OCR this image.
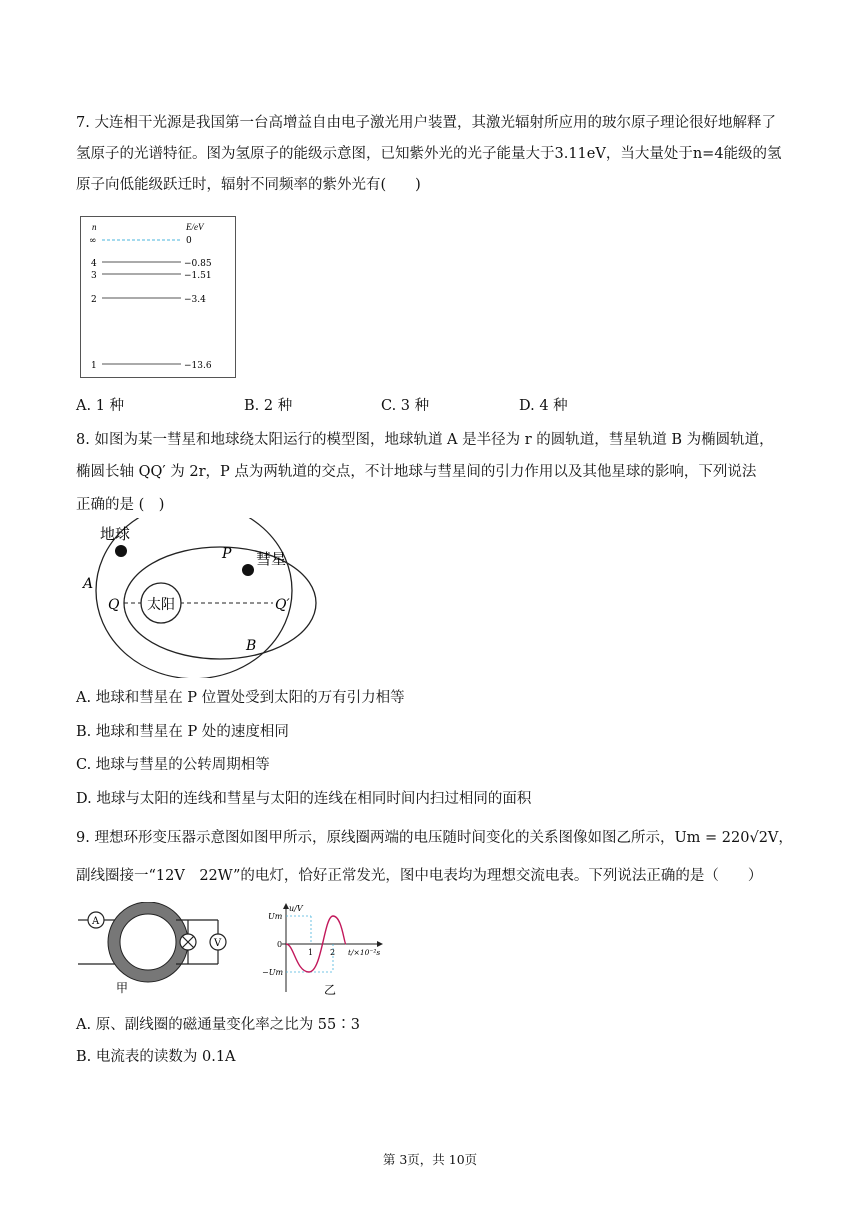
7. 大连相干光源是我国第一台高增益自由电子激光用户装置，其激光辐射所应用的玻尔原子理论很好地解释了氢原子的光谱特征。图为氢原子的能级示意图，已知紫外光的光子能量大于3.11eV，当大量处于n=4能级的氢原子向低能级跃迁时，辐射不同频率的紫外光有(　　)
n	E/eV
∞	0
4	−0.85
3	−1.51
2	−3.4
1	−13.6
A. 1 种	B. 2 种	C. 3 种	D. 4 种
8. 如图为某一彗星和地球绕太阳运行的模型图，地球轨道 A 是半径为 r 的圆轨道，彗星轨道 B 为椭圆轨道，
椭圆长轴 QQ′ 为 2r，P 点为两轨道的交点，不计地球与彗星间的引力作用以及其他星球的影响，下列说法
正确的是 (　)
太阳
地球
彗星
P
A
Q	Q′
B
A. 地球和彗星在 P 位置处受到太阳的万有引力相等
B. 地球和彗星在 P 处的速度相同
C. 地球与彗星的公转周期相等
D. 地球与太阳的连线和彗星与太阳的连线在相同时间内扫过相同的面积
9. 理想环形变压器示意图如图甲所示，原线圈两端的电压随时间变化的关系图像如图乙所示，Um = 220√2V，
副线圈接一“12V　22W”的电灯，恰好正常发光，图中电表均为理想交流电表。下列说法正确的是（　　）
A
V
甲
u/V
Um
0
−Um
1 2 t/×10⁻²s
乙
A. 原、副线圈的磁通量变化率之比为 55∶3
B. 电流表的读数为 0.1A
第 3页，共 10页
